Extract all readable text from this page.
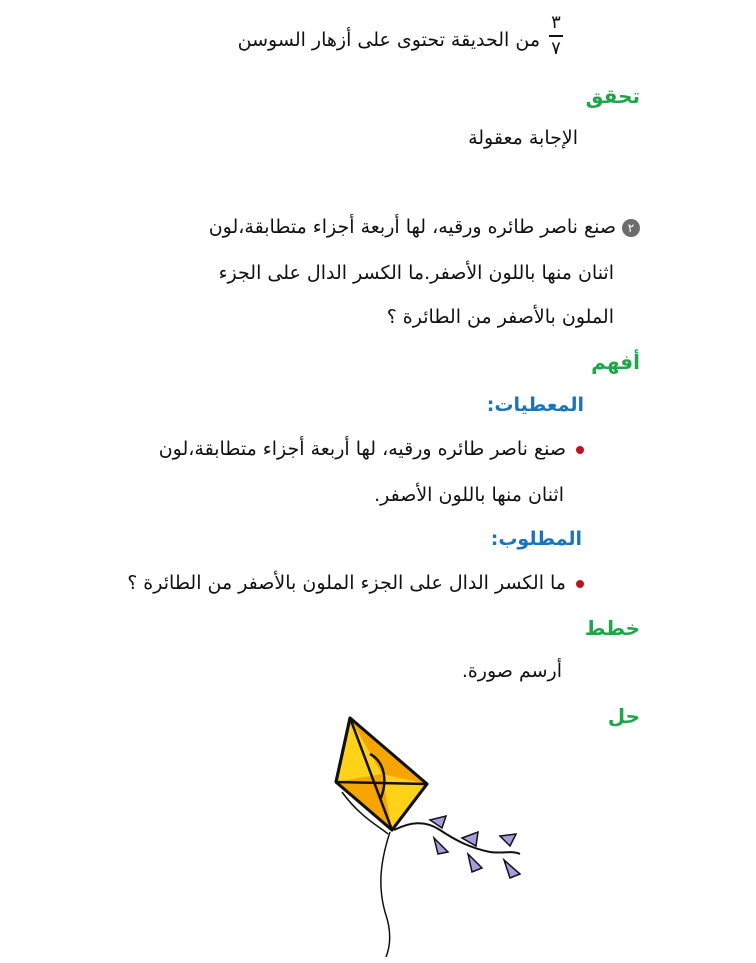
٣
٧
من الحديقة تحتوى على أزهار السوسن
تحقق
الإجابة معقولة
٢صنع ناصر طائره ورقيه، لها أربعة أجزاء متطابقة،لون
اثنان منها باللون الأصفر.ما الكسر الدال على الجزء
الملون بالأصفر من الطائرة ؟
أفهم
المعطيات:
صنع ناصر طائره ورقيه، لها أربعة أجزاء متطابقة،لون
اثنان منها باللون الأصفر.
المطلوب:
ما الكسر الدال على الجزء الملون بالأصفر من الطائرة ؟
خطط
أرسم صورة.
حل
